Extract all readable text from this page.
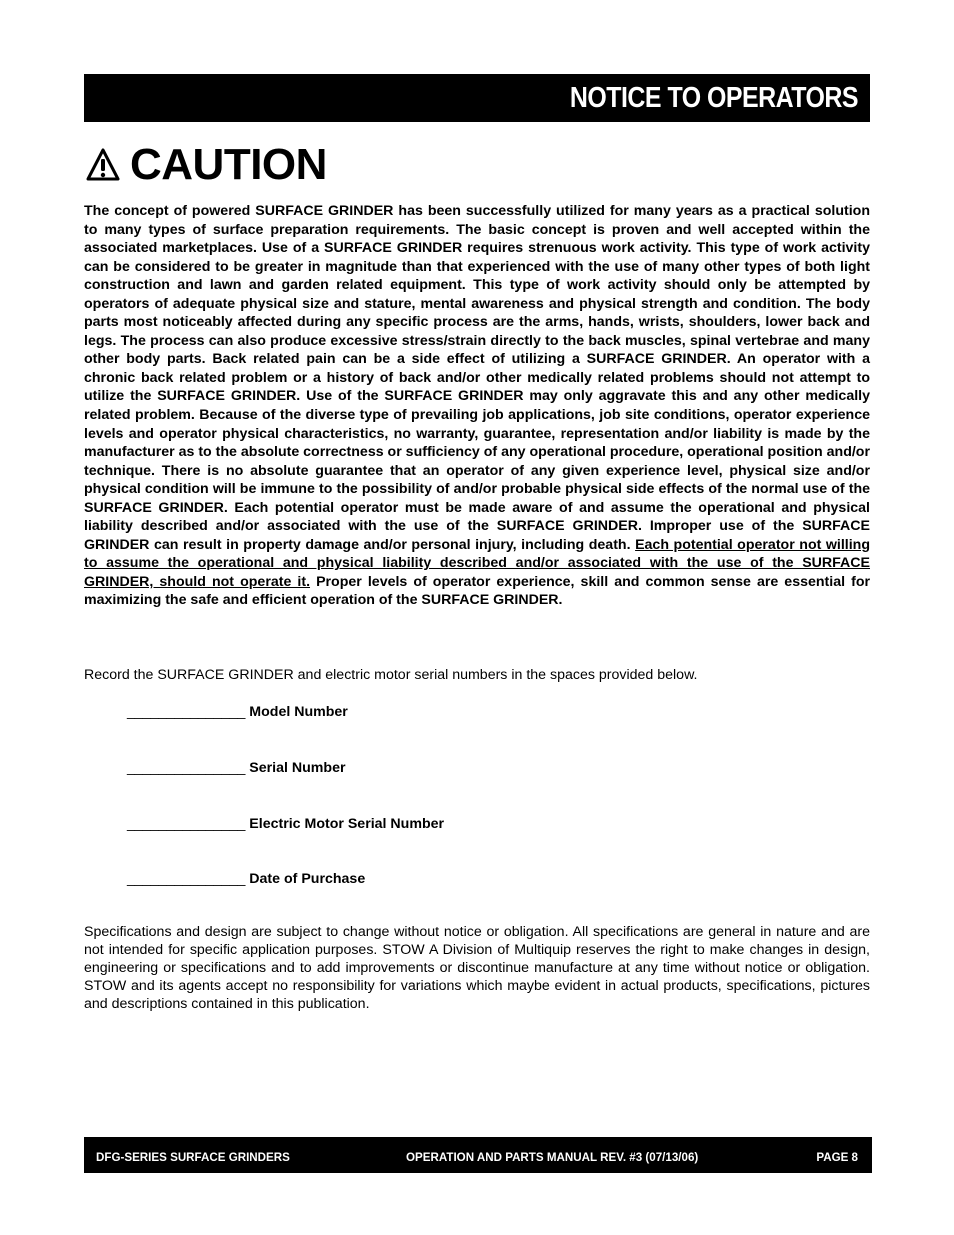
NOTICE TO OPERATORS
CAUTION
The concept of powered SURFACE GRINDER has been successfully utilized for many years as a practical solution to many types of surface preparation requirements. The basic concept is proven and well accepted within the associated marketplaces. Use of a SURFACE GRINDER requires strenuous work activity. This type of work activity can be considered to be greater in magnitude than that experienced with the use of many other types of both light construction and lawn and garden related equipment. This type of work activity should only be attempted by operators of adequate physical size and stature, mental awareness and physical strength and condition. The body parts most noticeably affected during any specific process are the arms, hands, wrists, shoulders, lower back and legs. The process can also produce excessive stress/strain directly to the back muscles, spinal vertebrae and many other body parts. Back related pain can be a side effect of utilizing a SURFACE GRINDER. An operator with a chronic back related problem or a history of back and/or other medically related problems should not attempt to utilize the SURFACE GRINDER. Use of the SURFACE GRINDER may only aggravate this and any other medically related problem. Because of the diverse type of prevailing job applications, job site conditions, operator experience levels and operator physical characteristics, no warranty, guarantee, representation and/or liability is made by the manufacturer as to the absolute correctness or sufficiency of any operational procedure, operational position and/or technique. There is no absolute guarantee that an operator of any given experience level, physical size and/or physical condition will be immune to the possibility of and/or probable physical side effects of the normal use of the SURFACE GRINDER. Each potential operator must be made aware of and assume the operational and physical liability described and/or associated with the use of the SURFACE GRINDER. Improper use of the SURFACE GRINDER can result in property damage and/or personal injury, including death. Each potential operator not willing to assume the operational and physical liability described and/or associated with the use of the SURFACE GRINDER, should not operate it. Proper levels of operator experience, skill and common sense are essential for maximizing the safe and efficient operation of the SURFACE GRINDER.
Record the SURFACE GRINDER and electric motor serial numbers in the spaces provided below.
_______________ Model Number
_______________ Serial Number
_______________ Electric Motor Serial Number
_______________ Date of Purchase
Specifications and design are subject to change without notice or obligation. All specifications are general in nature and are not intended for specific application purposes. STOW A Division of Multiquip reserves the right to make changes in design, engineering or specifications and to add improvements or discontinue manufacture at any time without notice or obligation. STOW and its agents accept no responsibility for variations which maybe evident in actual products, specifications, pictures and descriptions contained in this publication.
DFG-SERIES SURFACE GRINDERS	OPERATION AND PARTS MANUAL REV. #3 (07/13/06)	PAGE 8
